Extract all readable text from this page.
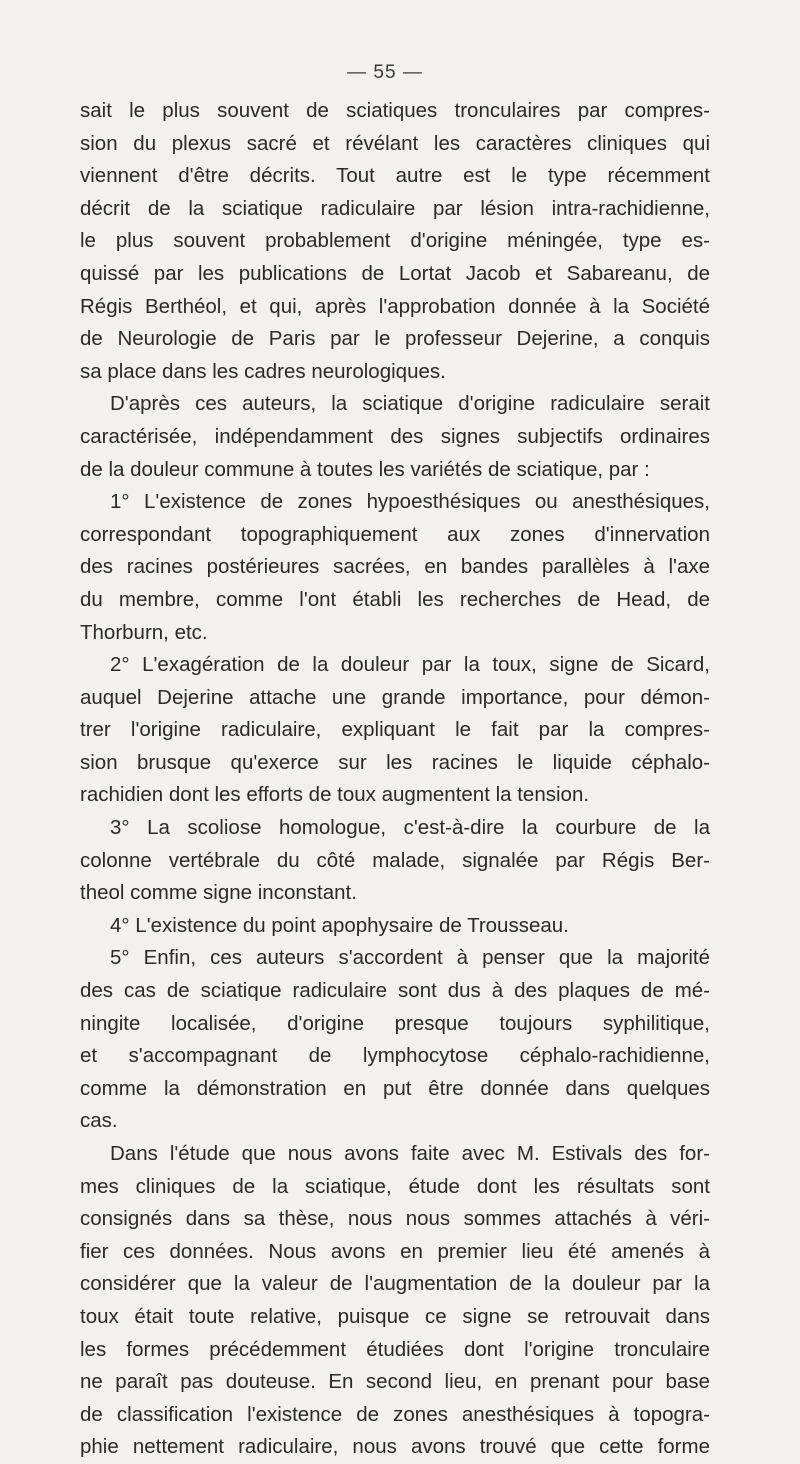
— 55 —
sait le plus souvent de sciatiques tronculaires par compres-
sion du plexus sacré et révélant les caractères cliniques qui
viennent d'être décrits. Tout autre est le type récemment
décrit de la sciatique radiculaire par lésion intra-rachidienne,
le plus souvent probablement d'origine méningée, type es-
quissé par les publications de Lortat Jacob et Sabareanu, de
Régis Berthéol, et qui, après l'approbation donnée à la Société
de Neurologie de Paris par le professeur Dejerine, a conquis
sa place dans les cadres neurologiques.
D'après ces auteurs, la sciatique d'origine radiculaire serait
caractérisée, indépendamment des signes subjectifs ordinaires
de la douleur commune à toutes les variétés de sciatique, par :
1° L'existence de zones hypoesthésiques ou anesthésiques,
correspondant topographiquement aux zones d'innervation
des racines postérieures sacrées, en bandes parallèles à l'axe
du membre, comme l'ont établi les recherches de Head, de
Thorburn, etc.
2° L'exagération de la douleur par la toux, signe de Sicard,
auquel Dejerine attache une grande importance, pour démon-
trer l'origine radiculaire, expliquant le fait par la compres-
sion brusque qu'exerce sur les racines le liquide céphalo-
rachidien dont les efforts de toux augmentent la tension.
3° La scoliose homologue, c'est-à-dire la courbure de la
colonne vertébrale du côté malade, signalée par Régis Ber-
theol comme signe inconstant.
4° L'existence du point apophysaire de Trousseau.
5° Enfin, ces auteurs s'accordent à penser que la majorité
des cas de sciatique radiculaire sont dus à des plaques de mé-
ningite localisée, d'origine presque toujours syphilitique,
et s'accompagnant de lymphocytose céphalo-rachidienne,
comme la démonstration en put être donnée dans quelques
cas.
Dans l'étude que nous avons faite avec M. Estivals des for-
mes cliniques de la sciatique, étude dont les résultats sont
consignés dans sa thèse, nous nous sommes attachés à véri-
fier ces données. Nous avons en premier lieu été amenés à
considérer que la valeur de l'augmentation de la douleur par la
toux était toute relative, puisque ce signe se retrouvait dans
les formes précédemment étudiées dont l'origine tronculaire
ne paraît pas douteuse. En second lieu, en prenant pour base
de classification l'existence de zones anesthésiques à topogra-
phie nettement radiculaire, nous avons trouvé que cette forme
